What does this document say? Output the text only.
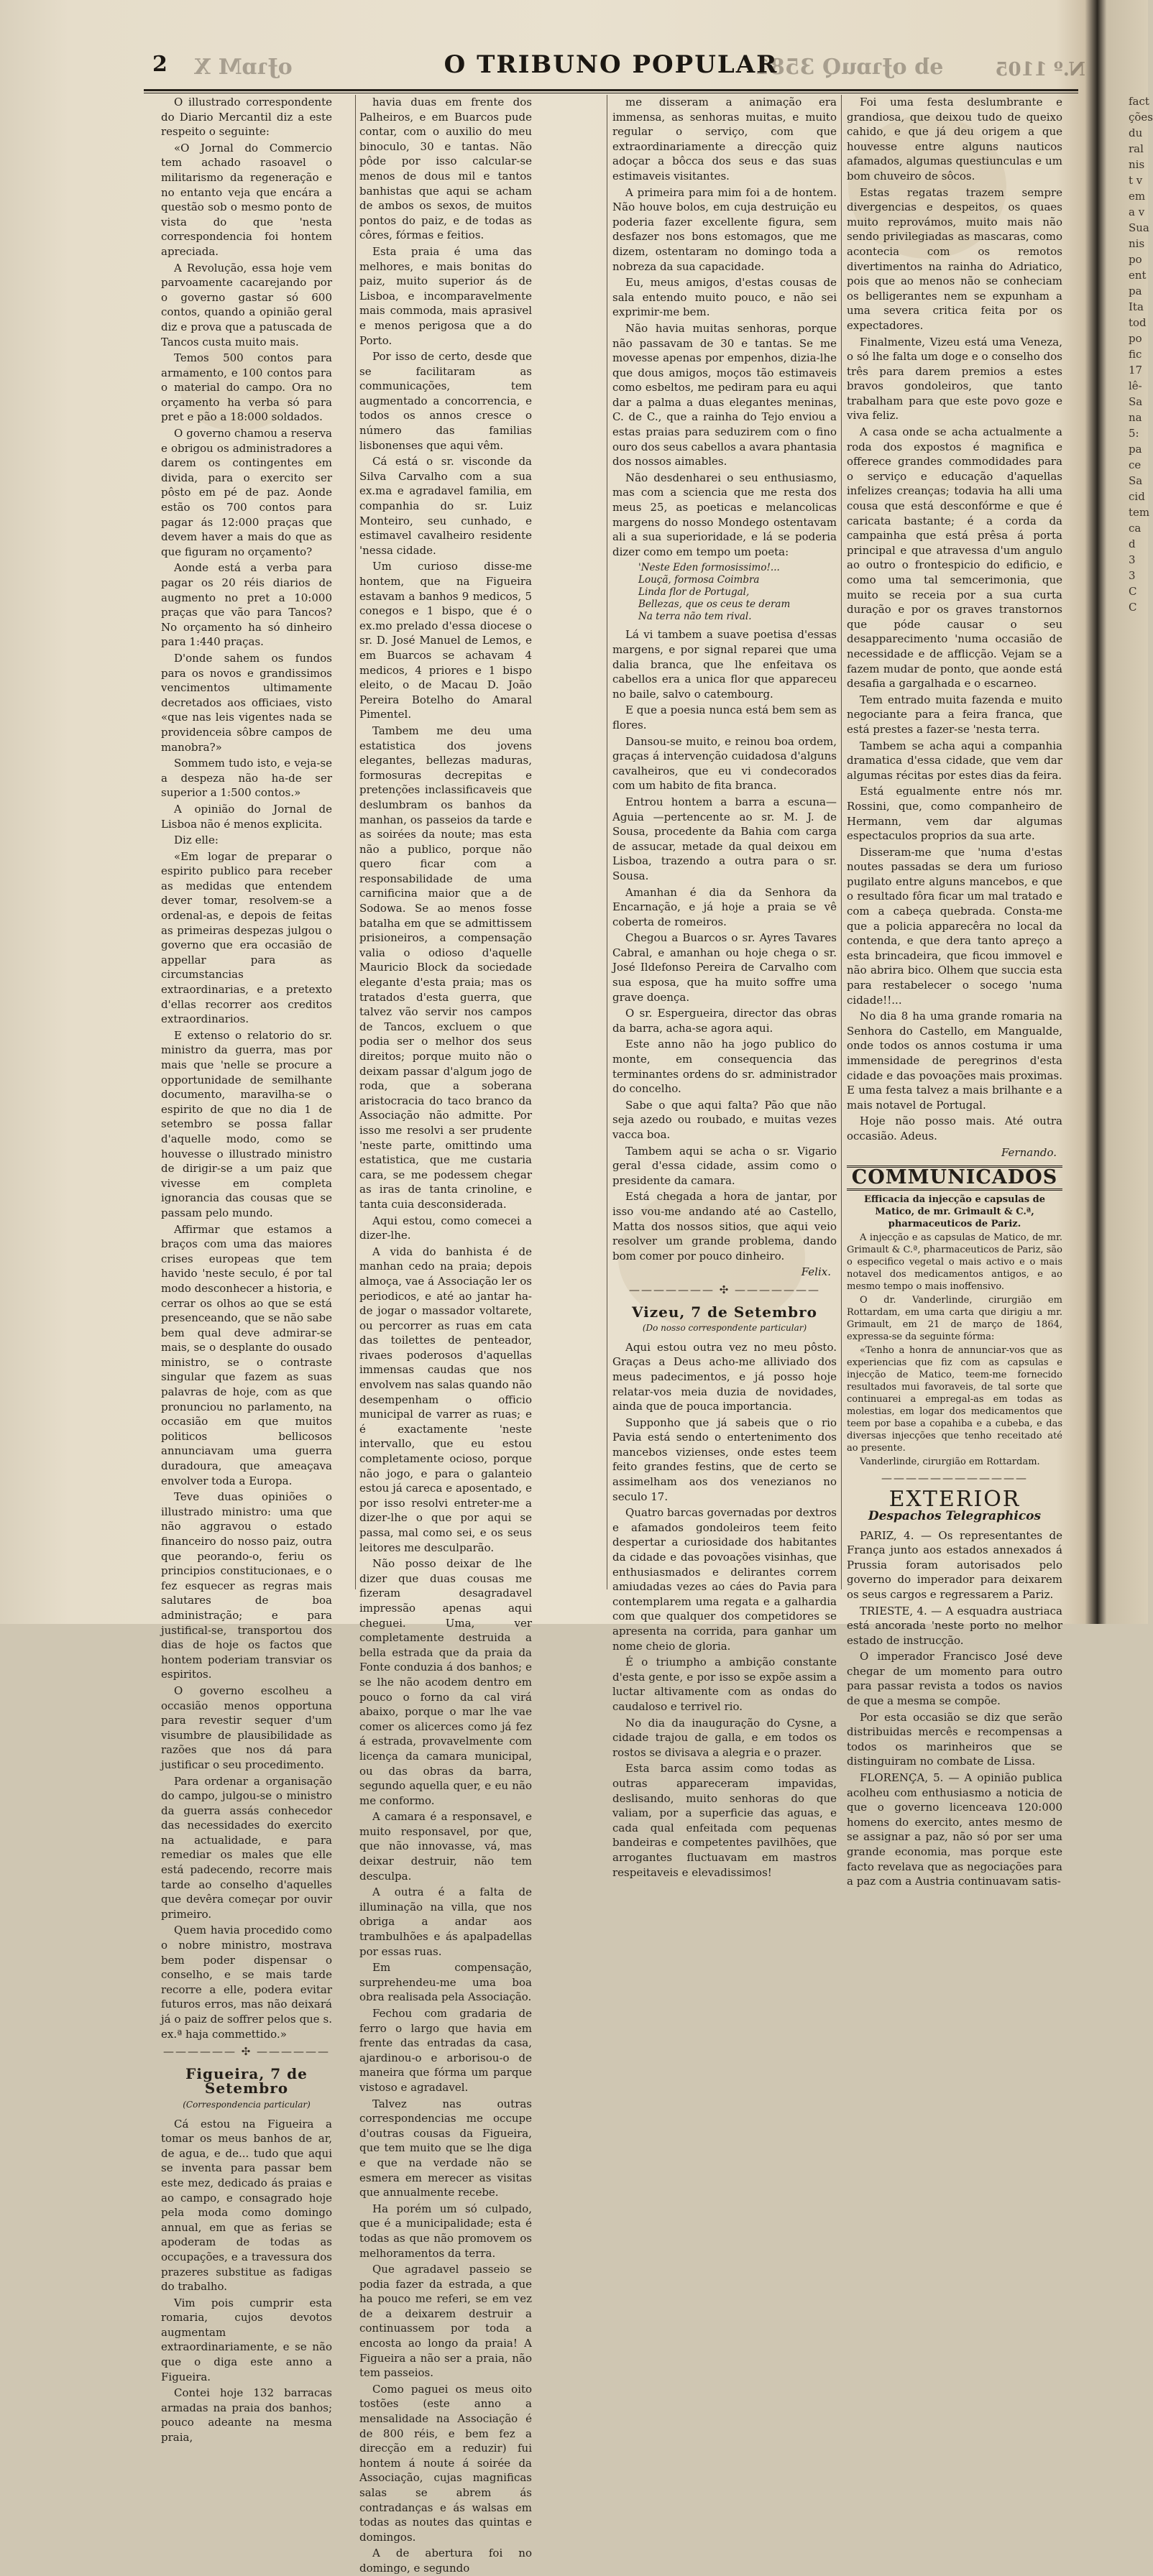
2 oɈɿɒM X	O TRIBUNO POPULAR
ɘb oɈɿɒuQ 3581	N.º 1105

O illustrado correspondente do Diario Mercantil diz a este respeito o seguinte:

«O Jornal do Commercio tem achado rasoavel o militarismo da regeneração e no entanto veja que encára a questão sob o mesmo ponto de vista do que 'nesta correspondencia foi hontem apreciada.

A Revolução, essa hoje vem parvoamente cacarejando por o governo gastar só 600 contos, quando a opinião geral diz e prova que a patuscada de Tancos custa muito mais.

Temos 500 contos para armamento, e 100 contos para o material do campo. Ora no orçamento ha verba só para pret e pão a 18:000 soldados.

O governo chamou a reserva e obrigou os administradores a darem os contingentes em divida, para o exercito ser pôsto em pé de paz. Aonde estão os 700 contos para pagar ás 12:000 praças que devem haver a mais do que as que figuram no orçamento?

Aonde está a verba para pagar os 20 réis diarios de augmento no pret a 10:000 praças que vão para Tancos? No orçamento ha só dinheiro para 1:440 praças.

D'onde sahem os fundos para os novos e grandissimos vencimentos ultimamente decretados aos officiaes, visto «que nas leis vigentes nada se providenceia sôbre campos de manobra?»

Sommem tudo isto, e veja-se a despeza não ha-de ser superior a 1:500 contos.»

A opinião do Jornal de Lisboa não é menos explicita.

Diz elle:

«Em logar de preparar o espirito publico para receber as medidas que entendem dever tomar, resolvem-se a ordenal-as, e depois de feitas as primeiras despezas julgou o governo que era occasião de appellar para as circumstancias extraordinarias, e a pretexto d'ellas recorrer aos creditos extraordinarios.

E extenso o relatorio do sr. ministro da guerra, mas por mais que 'nelle se procure a opportunidade de semilhante documento, maravilha-se o espirito de que no dia 1 de setembro se possa fallar d'aquelle modo, como se houvesse o illustrado ministro de dirigir-se a um paiz que vivesse em completa ignorancia das cousas que se passam pelo mundo.

Affirmar que estamos a braços com uma das maiores crises europeas que tem havido 'neste seculo, é por tal modo desconhecer a historia, e cerrar os olhos ao que se está presenceando, que se não sabe bem qual deve admirar-se mais, se o desplante do ousado ministro, se o contraste singular que fazem as suas palavras de hoje, com as que pronunciou no parlamento, na occasião em que muitos politicos bellicosos annunciavam uma guerra duradoura, que ameaçava envolver toda a Europa.

Teve duas opiniões o illustrado ministro: uma que não aggravou o estado financeiro do nosso paiz, outra que peorando-o, feriu os principios constitucionaes, e o fez esquecer as regras mais salutares de boa administração; e para justifical-se, transportou dos dias de hoje os factos que hontem poderiam transviar os espiritos.

O governo escolheu a occasião menos opportuna para revestir sequer d'um visumbre de plausibilidade as razões que nos dá para justificar o seu procedimento.

Para ordenar a organisação do campo, julgou-se o ministro da guerra assás conhecedor das necessidades do exercito na actualidade, e para remediar os males que elle está padecendo, recorre mais tarde ao conselho d'aquelles que devêra começar por ouvir primeiro.

Quem havia procedido como o nobre ministro, mostrava bem poder dispensar o conselho, e se mais tarde recorre a elle, podera evitar futuros erros, mas não deixará já o paiz de soffrer pelos que s. ex.ª haja commettido.»

—————— ✣ ——————
Figueira, 7 de Setembro
(Correspondencia particular)

Cá estou na Figueira a tomar os meus banhos de ar, de agua, e de... tudo que aqui se inventa para passar bem este mez, dedicado ás praias e ao campo, e consagrado hoje pela moda como domingo annual, em que as ferias se apoderam de todas as occupações, e a travessura dos prazeres substitue as fadigas do trabalho.

Vim pois cumprir esta romaria, cujos devotos augmentam extraordinariamente, e se não que o diga este anno a Figueira.

Contei hoje 132 barracas armadas na praia dos banhos; pouco adeante na mesma praia,

havia duas em frente dos Palheiros, e em Buarcos pude contar, com o auxilio do meu binoculo, 30 e tantas. Não pôde por isso calcular-se menos de dous mil e tantos banhistas que aqui se acham de ambos os sexos, de muitos pontos do paiz, e de todas as côres, fórmas e feitios.

Esta praia é uma das melhores, e mais bonitas do paiz, muito superior ás de Lisboa, e incomparavelmente mais commoda, mais aprasivel e menos perigosa que a do Porto.

Por isso de certo, desde que se facilitaram as communicações, tem augmentado a concorrencia, e todos os annos cresce o número das familias lisbonenses que aqui vêm.

Cá está o sr. visconde da Silva Carvalho com a sua ex.ma e agradavel familia, em companhia do sr. Luiz Monteiro, seu cunhado, e estimavel cavalheiro residente 'nessa cidade.

Um curioso disse-me hontem, que na Figueira estavam a banhos 9 medicos, 5 conegos e 1 bispo, que é o ex.mo prelado d'essa diocese o sr. D. José Manuel de Lemos, e em Buarcos se achavam 4 medicos, 4 priores e 1 bispo eleito, o de Macau D. João Pereira Botelho do Amaral Pimentel.

Tambem me deu uma estatistica dos jovens elegantes, bellezas maduras, formosuras decrepitas e pretenções inclassificaveis que deslumbram os banhos da manhan, os passeios da tarde e as soirées da noute; mas esta não a publico, porque não quero ficar com a responsabilidade de uma carnificina maior que a de Sodowa. Se ao menos fosse batalha em que se admittissem prisioneiros, a compensação valia o odioso d'aquelle Mauricio Block da sociedade elegante d'esta praia; mas os tratados d'esta guerra, que talvez vão servir nos campos de Tancos, excluem o que podia ser o melhor dos seus direitos; porque muito não o deixam passar d'algum jogo de roda, que a soberana aristocracia do taco branco da Associação não admitte. Por isso me resolvi a ser prudente 'neste parte, omittindo uma estatistica, que me custaria cara, se me podessem chegar as iras de tanta crinoline, e tanta cuia desconsiderada.

Aqui estou, como comecei a dizer-lhe.

A vida do banhista é de manhan cedo na praia; depois almoça, vae á Associação ler os periodicos, e até ao jantar ha-de jogar o massador voltarete, ou percorrer as ruas em cata das toilettes de penteador, rivaes poderosos d'aquellas immensas caudas que nos envolvem nas salas quando não desempenham o officio municipal de varrer as ruas; e é exactamente 'neste intervallo, que eu estou completamente ocioso, porque não jogo, e para o galanteio estou já careca e aposentado, e por isso resolvi entreter-me a dizer-lhe o que por aqui se passa, mal como sei, e os seus leitores me desculparão.

Não posso deixar de lhe dizer que duas cousas me fizeram desagradavel impressão apenas aqui cheguei. Uma, ver completamente destruida a bella estrada que da praia da Fonte conduzia á dos banhos; e se lhe não acodem dentro em pouco o forno da cal virá abaixo, porque o mar lhe vae comer os alicerces como já fez á estrada, provavelmente com licença da camara municipal, ou das obras da barra, segundo aquella quer, e eu não me conformo.

A camara é a responsavel, e muito responsavel, por que, que não innovasse, vá, mas deixar destruir, não tem desculpa.

A outra é a falta de illuminação na villa, que nos obriga a andar aos trambulhões e ás apalpadellas por essas ruas.

Em compensação, surprehendeu-me uma boa obra realisada pela Associação.

Fechou com gradaria de ferro o largo que havia em frente das entradas da casa, ajardinou-o e arborisou-o de maneira que fórma um parque vistoso e agradavel.

Talvez nas outras correspondencias me occupe d'outras cousas da Figueira, que tem muito que se lhe diga e que na verdade não se esmera em merecer as visitas que annualmente recebe.

Ha porém um só culpado, que é a municipalidade; esta é todas as que não promovem os melhoramentos da terra.

Que agradavel passeio se podia fazer da estrada, a que ha pouco me referi, se em vez de a deixarem destruir a continuassem por toda a encosta ao longo da praia! A Figueira a não ser a praia, não tem passeios.

Como paguei os meus oito tostões (este anno a mensalidade na Associação é de 800 réis, e bem fez a direcção em a reduzir) fui hontem á noute á soirée da Associação, cujas magnificas salas se abrem ás contradanças e ás walsas em todas as noutes das quintas e domingos.

A de abertura foi no domingo, e segundo

me disseram a animação era immensa, as senhoras muitas, e muito regular o serviço, com que extraordinariamente a direcção quiz adoçar a bôcca dos seus e das suas estimaveis visitantes.

A primeira para mim foi a de hontem. Não houve bolos, em cuja destruição eu poderia fazer excellente figura, sem desfazer nos bons estomagos, que me dizem, ostentaram no domingo toda a nobreza da sua capacidade.

Eu, meus amigos, d'estas cousas de sala entendo muito pouco, e não sei exprimir-me bem.

Não havia muitas senhoras, porque não passavam de 30 e tantas. Se me movesse apenas por empenhos, dizia-lhe que dous amigos, moços tão estimaveis como esbeltos, me pediram para eu aqui dar a palma a duas elegantes meninas, C. de C., que a rainha do Tejo enviou a estas praias para seduzirem com o fino ouro dos seus cabellos a avara phantasia dos nossos aimables.

Não desdenharei o seu enthusiasmo, mas com a sciencia que me resta dos meus 25, as poeticas e melancolicas margens do nosso Mondego ostentavam ali a sua superioridade, e lá se poderia dizer como em tempo um poeta:

'Neste Eden formosissimo!...
Louçã, formosa Coimbra
Linda flor de Portugal,
Bellezas, que os ceus te deram
Na terra não tem rival.

Lá vi tambem a suave poetisa d'essas margens, e por signal reparei que uma dalia branca, que lhe enfeitava os cabellos era a unica flor que appareceu no baile, salvo o catembourg.

E que a poesia nunca está bem sem as flores.

Dansou-se muito, e reinou boa ordem, graças á intervenção cuidadosa d'alguns cavalheiros, que eu vi condecorados com um habito de fita branca.

Entrou hontem a barra a escuna—Aguia —pertencente ao sr. M. J. de Sousa, procedente da Bahia com carga de assucar, metade da qual deixou em Lisboa, trazendo a outra para o sr. Sousa.

Amanhan é dia da Senhora da Encarnação, e já hoje a praia se vê coberta de romeiros.

Chegou a Buarcos o sr. Ayres Tavares Cabral, e amanhan ou hoje chega o sr. José Ildefonso Pereira de Carvalho com sua esposa, que ha muito soffre uma grave doença.

O sr. Espergueira, director das obras da barra, acha-se agora aqui.

Este anno não ha jogo publico do monte, em consequencia das terminantes ordens do sr. administrador do concelho.

Sabe o que aqui falta? Pão que não seja azedo ou roubado, e muitas vezes vacca boa.

Tambem aqui se acha o sr. Vigario geral d'essa cidade, assim como o presidente da camara.

Está chegada a hora de jantar, por isso vou-me andando até ao Castello, Matta dos nossos sitios, que aqui veio resolver um grande problema, dando bom comer por pouco dinheiro.

Felix.
——————— ✣ ———————
Vizeu, 7 de Setembro
(Do nosso correspondente particular)

Aqui estou outra vez no meu pôsto. Graças a Deus acho-me alliviado dos meus padecimentos, e já posso hoje relatar-vos meia duzia de novidades, ainda que de pouca importancia.

Supponho que já sabeis que o rio Pavia está sendo o entertenimento dos mancebos vizienses, onde estes teem feito grandes festins, que de certo se assimelham aos dos venezianos no seculo 17.

Quatro barcas governadas por dextros e afamados gondoleiros teem feito despertar a curiosidade dos habitantes da cidade e das povoações visinhas, que enthusiasmados e delirantes correm amiudadas vezes ao cáes do Pavia para contemplarem uma regata e a galhardia com que qualquer dos competidores se apresenta na corrida, para ganhar um nome cheio de gloria.

É o triumpho a ambição constante d'esta gente, e por isso se expõe assim a luctar altivamente com as ondas do caudaloso e terrivel rio.

No dia da inauguração do Cysne, a cidade trajou de galla, e em todos os rostos se divisava a alegria e o prazer.

Esta barca assim como todas as outras appareceram impavidas, deslisando, muito senhoras do que valiam, por a superficie das aguas, e cada qual enfeitada com pequenas bandeiras e competentes pavilhões, que arrogantes fluctuavam em mastros respeitaveis e elevadissimos!

Foi uma festa deslumbrante e grandiosa, que deixou tudo de queixo cahido, e que já deu origem a que houvesse entre alguns nauticos afamados, algumas questiunculas e um bom chuveiro de sôcos.

Estas regatas trazem sempre divergencias e despeitos, os quaes muito reprovámos, muito mais não sendo privilegiadas as mascaras, como acontecia com os remotos divertimentos na rainha do Adriatico, pois que ao menos não se conheciam os belligerantes nem se expunham a uma severa critica feita por os expectadores.

Finalmente, Vizeu está uma Veneza, o só lhe falta um doge e o conselho dos três para darem premios a estes bravos gondoleiros, que tanto trabalham para que este povo goze e viva feliz.

A casa onde se acha actualmente a roda dos expostos é magnifica e offerece grandes commodidades para o serviço e educação d'aquellas infelizes creanças; todavia ha alli uma cousa que está desconfórme e que é caricata bastante; é a corda da campainha que está prêsa á porta principal e que atravessa d'um angulo ao outro o frontespicio do edificio, e como uma tal semcerimonia, que muito se receia por a sua curta duração e por os graves transtornos que póde causar o seu desapparecimento 'numa occasião de necessidade e de afflicção. Vejam se a fazem mudar de ponto, que aonde está desafia a gargalhada e o escarneo.

Tem entrado muita fazenda e muito negociante para a feira franca, que está prestes a fazer-se 'nesta terra.

Tambem se acha aqui a companhia dramatica d'essa cidade, que vem dar algumas récitas por estes dias da feira.

Está egualmente entre nós mr. Rossini, que, como companheiro de Hermann, vem dar algumas espectaculos proprios da sua arte.

Disseram-me que 'numa d'estas noutes passadas se dera um furioso pugilato entre alguns mancebos, e que o resultado fôra ficar um mal tratado e com a cabeça quebrada. Consta-me que a policia apparecêra no local da contenda, e que dera tanto apreço a esta brincadeira, que ficou immovel e não abrira bico. Olhem que succia esta para restabelecer o socego 'numa cidade!!...

No dia 8 ha uma grande romaria na Senhora do Castello, em Mangualde, onde todos os annos costuma ir uma immensidade de peregrinos d'esta cidade e das povoações mais proximas. E uma festa talvez a mais brilhante e a mais notavel de Portugal.

Hoje não posso mais. Até outra occasião. Adeus.

Fernando.
COMMUNICADOS

Efficacia da injecção e capsulas de Matico, de mr. Grimault & C.ª, pharmaceuticos de Pariz.

A injecção e as capsulas de Matico, de mr. Grimault & C.ª, pharmaceuticos de Pariz, são o especifico vegetal o mais activo e o mais notavel dos medicamentos antigos, e ao mesmo tempo o mais inoffensivo.

O dr. Vanderlinde, cirurgião em Rottardam, em uma carta que dirigiu a mr. Grimault, em 21 de março de 1864, expressa-se da seguinte fórma:

«Tenho a honra de annunciar-vos que as experiencias que fiz com as capsulas e injecção de Matico, teem-me fornecido resultados mui favoraveis, de tal sorte que continuarei a empregal-as em todas as molestias, em logar dos medicamentos que teem por base a copahiba e a cubeba, e das diversas injecções que tenho receitado até ao presente.

Vanderlinde, cirurgião em Rottardam.

————————————
EXTERIOR
Despachos Telegraphicos

PARIZ, 4. — Os representantes de França junto aos estados annexados á Prussia foram autorisados pelo governo do imperador para deixarem os seus cargos e regressarem a Pariz.

TRIESTE, 4. — A esquadra austriaca está ancorada 'neste porto no melhor estado de instrucção.

O imperador Francisco José deve chegar de um momento para outro para passar revista a todos os navios de que a mesma se compõe.

Por esta occasião se diz que serão distribuidas mercês e recompensas a todos os marinheiros que se distinguiram no combate de Lissa.

FLORENÇA, 5. — A opinião publica acolheu com enthusiasmo a noticia de que o governo licenceava 120:000 homens do exercito, antes mesmo de se assignar a paz, não só por ser uma grande economia, mas porque este facto revelava que as negociações para a paz com a Austria continuavam satis-

fact
ções
du
ral
nis
t v
em
a v
Sua
nis
po
ent
pa
Ita
tod
po
fic
17
lê-
Sa
na
5:
pa
ce
Sa
cid
tem
ca
d
3
3
C
C
